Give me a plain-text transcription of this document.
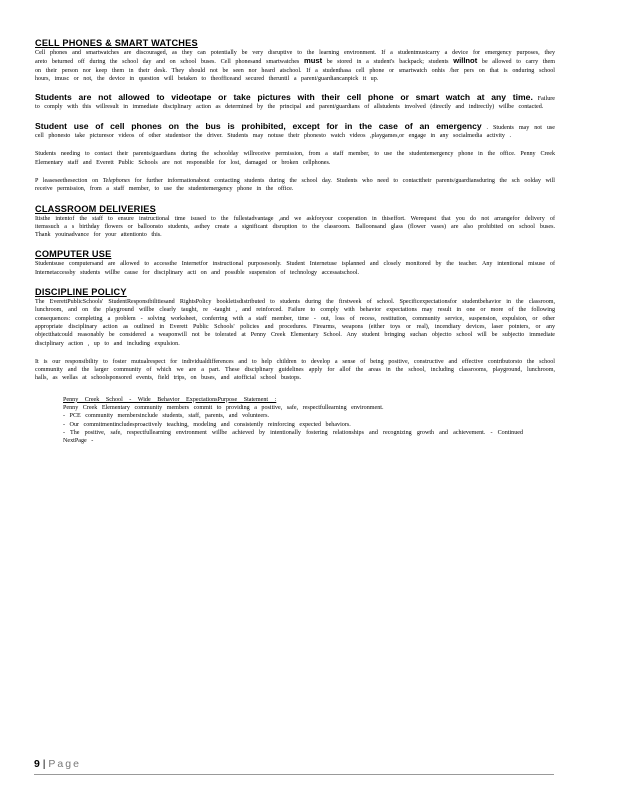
CELL PHONES & SMART WATCHES

Cell phones and smartwatches are discouraged, as they can potentially be very disruptive to the learning environment. If a studentmustcarry a device for emergency purposes, they areto beturned off during the school day and on school buses. Cell phonesand smartwatches must be stored in a student's backpack; students willnot be allowed to carry them on their person nor keep them in their desk. They should not be seen nor heard atschool. If a studenthasa cell phone or smartwatch onhis /her pers on that is onduring school hours, imusc or not, the device in question will betaken to theofficeand secured theruntil a parent/guardiancanpick it up.

Students are not allowed to videotape or take pictures with their cell phone or smart watch at any time. Failure to comply with this willresult in immediate disciplinary action as determined by the principal and parent/guardians of allstudents involved (directly and indirectly) willbe contacted.

Student use of cell phones on the bus is prohibited, except for in the case of an emergency . Students may not use cell phonesto take picturesor videos of other studentsor the driver. Students may notuse their phonesto watch videos ,playgames,or engage in any socialmedia activity .

Students needing to contact their parents/guardians during the schoolday willreceive permission, from a staff member, to use the studentemergency phone in the office. Penny Creek Elementary staff and Everett Public Schools are not responsible for lost, damaged or broken cellphones.

P leaseseethesection on Telephones for further informationabout contacting students during the school day. Students who need to contacttheir parents/guardiansduring the sch oolday will receive permission, from a staff member, to use the studentemergency phone in the office.

CLASSROOM DELIVERIES

Itisthe intentof the staff to ensure instructional time isused to the fullestadvantage ,and we askforyour cooperation in thiseffort. Werequest that you do not arrangefor delivery of itemssuch a s birthday flowers or balloonsto students, asthey create a significant disruption to the classroom. Balloonsand glass (flower vases) are also prohibited on school buses. Thank youinadvance for your attentionto this.

COMPUTER USE

Studentsuse computersand are allowed to accessthe Internetfor instructional purposesonly. Student Internetuse isplanned and closely monitored by the teacher. Any intentional misuse of Internetaccessby students willbe cause for disciplinary acti on and possible suspension of technology accessatschool.

DISCIPLINE POLICY

The EverettPublicSchools' StudentResponsibilitiesand RightsPolicy bookletisdistributed to students during the firstweek of school. Specificexpectationsfor studentbehavior in the classroom, lunchroom, and on the playground willbe clearly taught, re -taught , and reinforced. Failure to comply with behavior expectations may result in one or more of the following consequences: completing a problem - solving worksheet, conferring with a staff member, time - out, loss of recess, restitution, community service, suspension, expulsion, or other appropriate disciplinary action as outlined in Everett Public Schools' policies and procedures. Firearms, weapons (either toys or real), incendiary devices, laser pointers, or any objectthatcould reasonably be considered a weaponwill not be tolerated at Penny Creek Elementary School. Any student bringing suchan objectto school will be subjectto immediate disciplinary action , up to and including expulsion.

It is our responsibility to foster mutualrespect for individualdifferences and to help children to develop a sense of being positive, constructive and effective contributorsto the school community and the larger community of which we are a part. These disciplinary guidelines apply for allof the areas in the school, including classrooms, playground, lunchroom, halls, as wellas at schoolsponsored events, field trips, on buses, and atofficial school bustops.

Penny Creek School - Wide Behavior ExpectationsPurpose Statement :

Penny Creek Elementary community members commit to providing a positive, safe, respectfullearning environment.

- PCE community membersinclude students, staff, parents, and volunteers.

- Our commitmentincludesproactively teaching, modeling and consistently reinforcing expected behaviors.

- The positive, safe, respectfullearning environment willbe achieved by intentionally fostering relationships and recognizing growth and achievement. - Continued NextPage -

9 | Page
